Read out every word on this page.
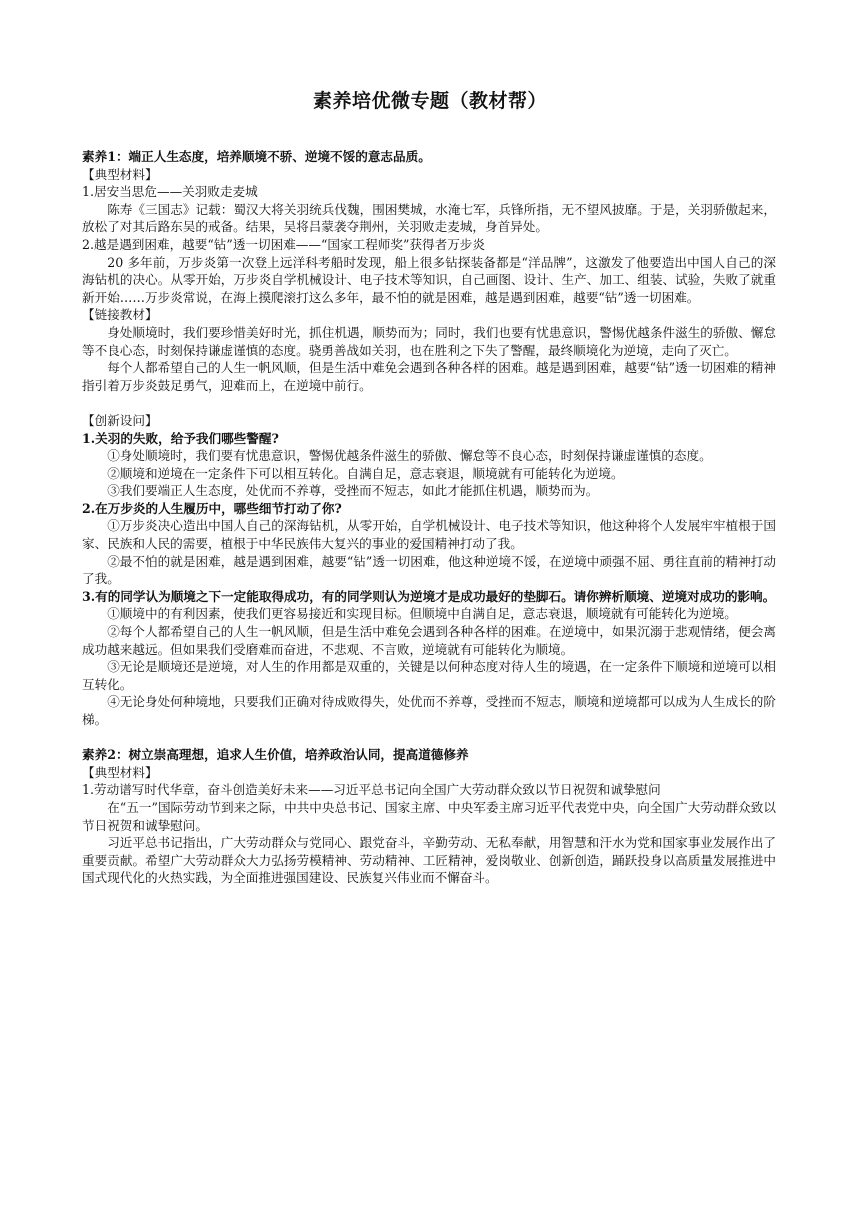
素养培优微专题（教材帮）

素养1：端正人生态度，培养顺境不骄、逆境不馁的意志品质。

【典型材料】

1.居安当思危——关羽败走麦城

陈寿《三国志》记载：蜀汉大将关羽统兵伐魏，围困樊城，水淹七军，兵锋所指，无不望风披靡。于是，关羽骄傲起来，放松了对其后路东吴的戒备。结果，吴将吕蒙袭夺荆州，关羽败走麦城，身首异处。

2.越是遇到困难，越要“钻”透一切困难——“国家工程师奖”获得者万步炎

20 多年前，万步炎第一次登上远洋科考船时发现，船上很多钻探装备都是“洋品牌”，这激发了他要造出中国人自己的深海钻机的决心。从零开始，万步炎自学机械设计、电子技术等知识，自己画图、设计、生产、加工、组装、试验，失败了就重新开始……万步炎常说，在海上摸爬滚打这么多年，最不怕的就是困难，越是遇到困难，越要“钻”透一切困难。

【链接教材】

身处顺境时，我们要珍惜美好时光，抓住机遇，顺势而为；同时，我们也要有忧患意识，警惕优越条件滋生的骄傲、懈怠等不良心态，时刻保持谦虚谨慎的态度。骁勇善战如关羽，也在胜利之下失了警醒，最终顺境化为逆境，走向了灭亡。

每个人都希望自己的人生一帆风顺，但是生活中难免会遇到各种各样的困难。越是遇到困难，越要“钻”透一切困难的精神指引着万步炎鼓足勇气，迎难而上，在逆境中前行。

【创新设问】

1.关羽的失败，给予我们哪些警醒?

①身处顺境时，我们要有忧患意识，警惕优越条件滋生的骄傲、懈怠等不良心态，时刻保持谦虚谨慎的态度。

②顺境和逆境在一定条件下可以相互转化。自满自足，意志衰退，顺境就有可能转化为逆境。

③我们要端正人生态度，处优而不养尊，受挫而不短志，如此才能抓住机遇，顺势而为。

2.在万步炎的人生履历中，哪些细节打动了你?

①万步炎决心造出中国人自己的深海钻机，从零开始，自学机械设计、电子技术等知识，他这种将个人发展牢牢植根于国家、民族和人民的需要，植根于中华民族伟大复兴的事业的爱国精神打动了我。

②最不怕的就是困难，越是遇到困难，越要“钻”透一切困难，他这种逆境不馁，在逆境中顽强不屈、勇往直前的精神打动了我。

3.有的同学认为顺境之下一定能取得成功，有的同学则认为逆境才是成功最好的垫脚石。请你辨析顺境、逆境对成功的影响。

①顺境中的有利因素，使我们更容易接近和实现目标。但顺境中自满自足，意志衰退，顺境就有可能转化为逆境。

②每个人都希望自己的人生一帆风顺，但是生活中难免会遇到各种各样的困难。在逆境中，如果沉溺于悲观情绪，便会离成功越来越远。但如果我们受磨难而奋进，不悲观、不言败，逆境就有可能转化为顺境。

③无论是顺境还是逆境，对人生的作用都是双重的，关键是以何种态度对待人生的境遇，在一定条件下顺境和逆境可以相互转化。

④无论身处何种境地，只要我们正确对待成败得失，处优而不养尊，受挫而不短志，顺境和逆境都可以成为人生成长的阶梯。

素养2：树立崇高理想，追求人生价值，培养政治认同，提高道德修养

【典型材料】

1.劳动谱写时代华章，奋斗创造美好未来——习近平总书记向全国广大劳动群众致以节日祝贺和诚挚慰问

在“五一”国际劳动节到来之际，中共中央总书记、国家主席、中央军委主席习近平代表党中央，向全国广大劳动群众致以节日祝贺和诚挚慰问。

习近平总书记指出，广大劳动群众与党同心、跟党奋斗，辛勤劳动、无私奉献，用智慧和汗水为党和国家事业发展作出了重要贡献。希望广大劳动群众大力弘扬劳模精神、劳动精神、工匠精神，爱岗敬业、创新创造，踊跃投身以高质量发展推进中国式现代化的火热实践，为全面推进强国建设、民族复兴伟业而不懈奋斗。
